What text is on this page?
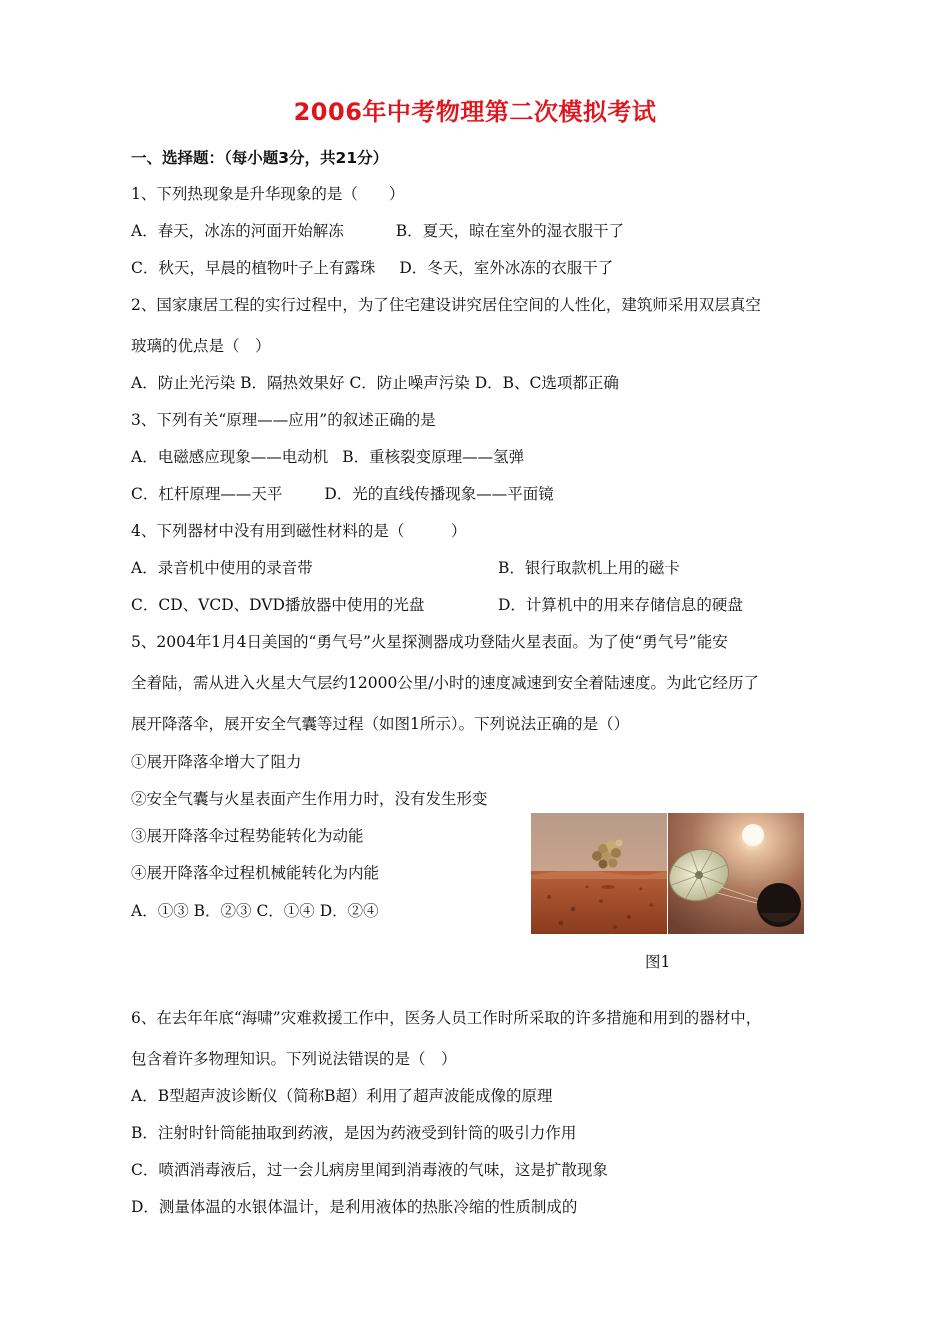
2006年中考物理第二次模拟考试
一、选择题：（每小题3分，共21分）
1、下列热现象是升华现象的是（　　）
A．春天，冰冻的河面开始解冻	B．夏天，晾在室外的湿衣服干了
C．秋天，早晨的植物叶子上有露珠 D．冬天，室外冰冻的衣服干了
2、国家康居工程的实行过程中，为了住宅建设讲究居住空间的人性化，建筑师采用双层真空
玻璃的优点是（　）
A．防止光污染 B．隔热效果好 C．防止噪声污染 D．B、C选项都正确
3、下列有关“原理——应用”的叙述正确的是
A．电磁感应现象——电动机 B．重核裂变原理——氢弹
C．杠杆原理——天平	D．光的直线传播现象——平面镜
4、下列器材中没有用到磁性材料的是（　　　）
A．录音机中使用的录音带	B．银行取款机上用的磁卡
C．CD、VCD、DVD播放器中使用的光盘	D．计算机中的用来存储信息的硬盘
5、2004年1月4日美国的“勇气号”火星探测器成功登陆火星表面。为了使“勇气号”能安
全着陆，需从进入火星大气层约12000公里/小时的速度减速到安全着陆速度。为此它经历了
展开降落伞，展开安全气囊等过程（如图1所示）。下列说法正确的是（）
①展开降落伞增大了阻力
②安全气囊与火星表面产生作用力时，没有发生形变
③展开降落伞过程势能转化为动能
④展开降落伞过程机械能转化为内能
A．①③ B．②③ C．①④ D．②④
图1
6、在去年年底“海啸”灾难救援工作中，医务人员工作时所采取的许多措施和用到的器材中，
包含着许多物理知识。下列说法错误的是（　）
A．B型超声波诊断仪（简称B超）利用了超声波能成像的原理
B．注射时针筒能抽取到药液，是因为药液受到针筒的吸引力作用
C．喷洒消毒液后，过一会儿病房里闻到消毒液的气味，这是扩散现象
D．测量体温的水银体温计，是利用液体的热胀冷缩的性质制成的
